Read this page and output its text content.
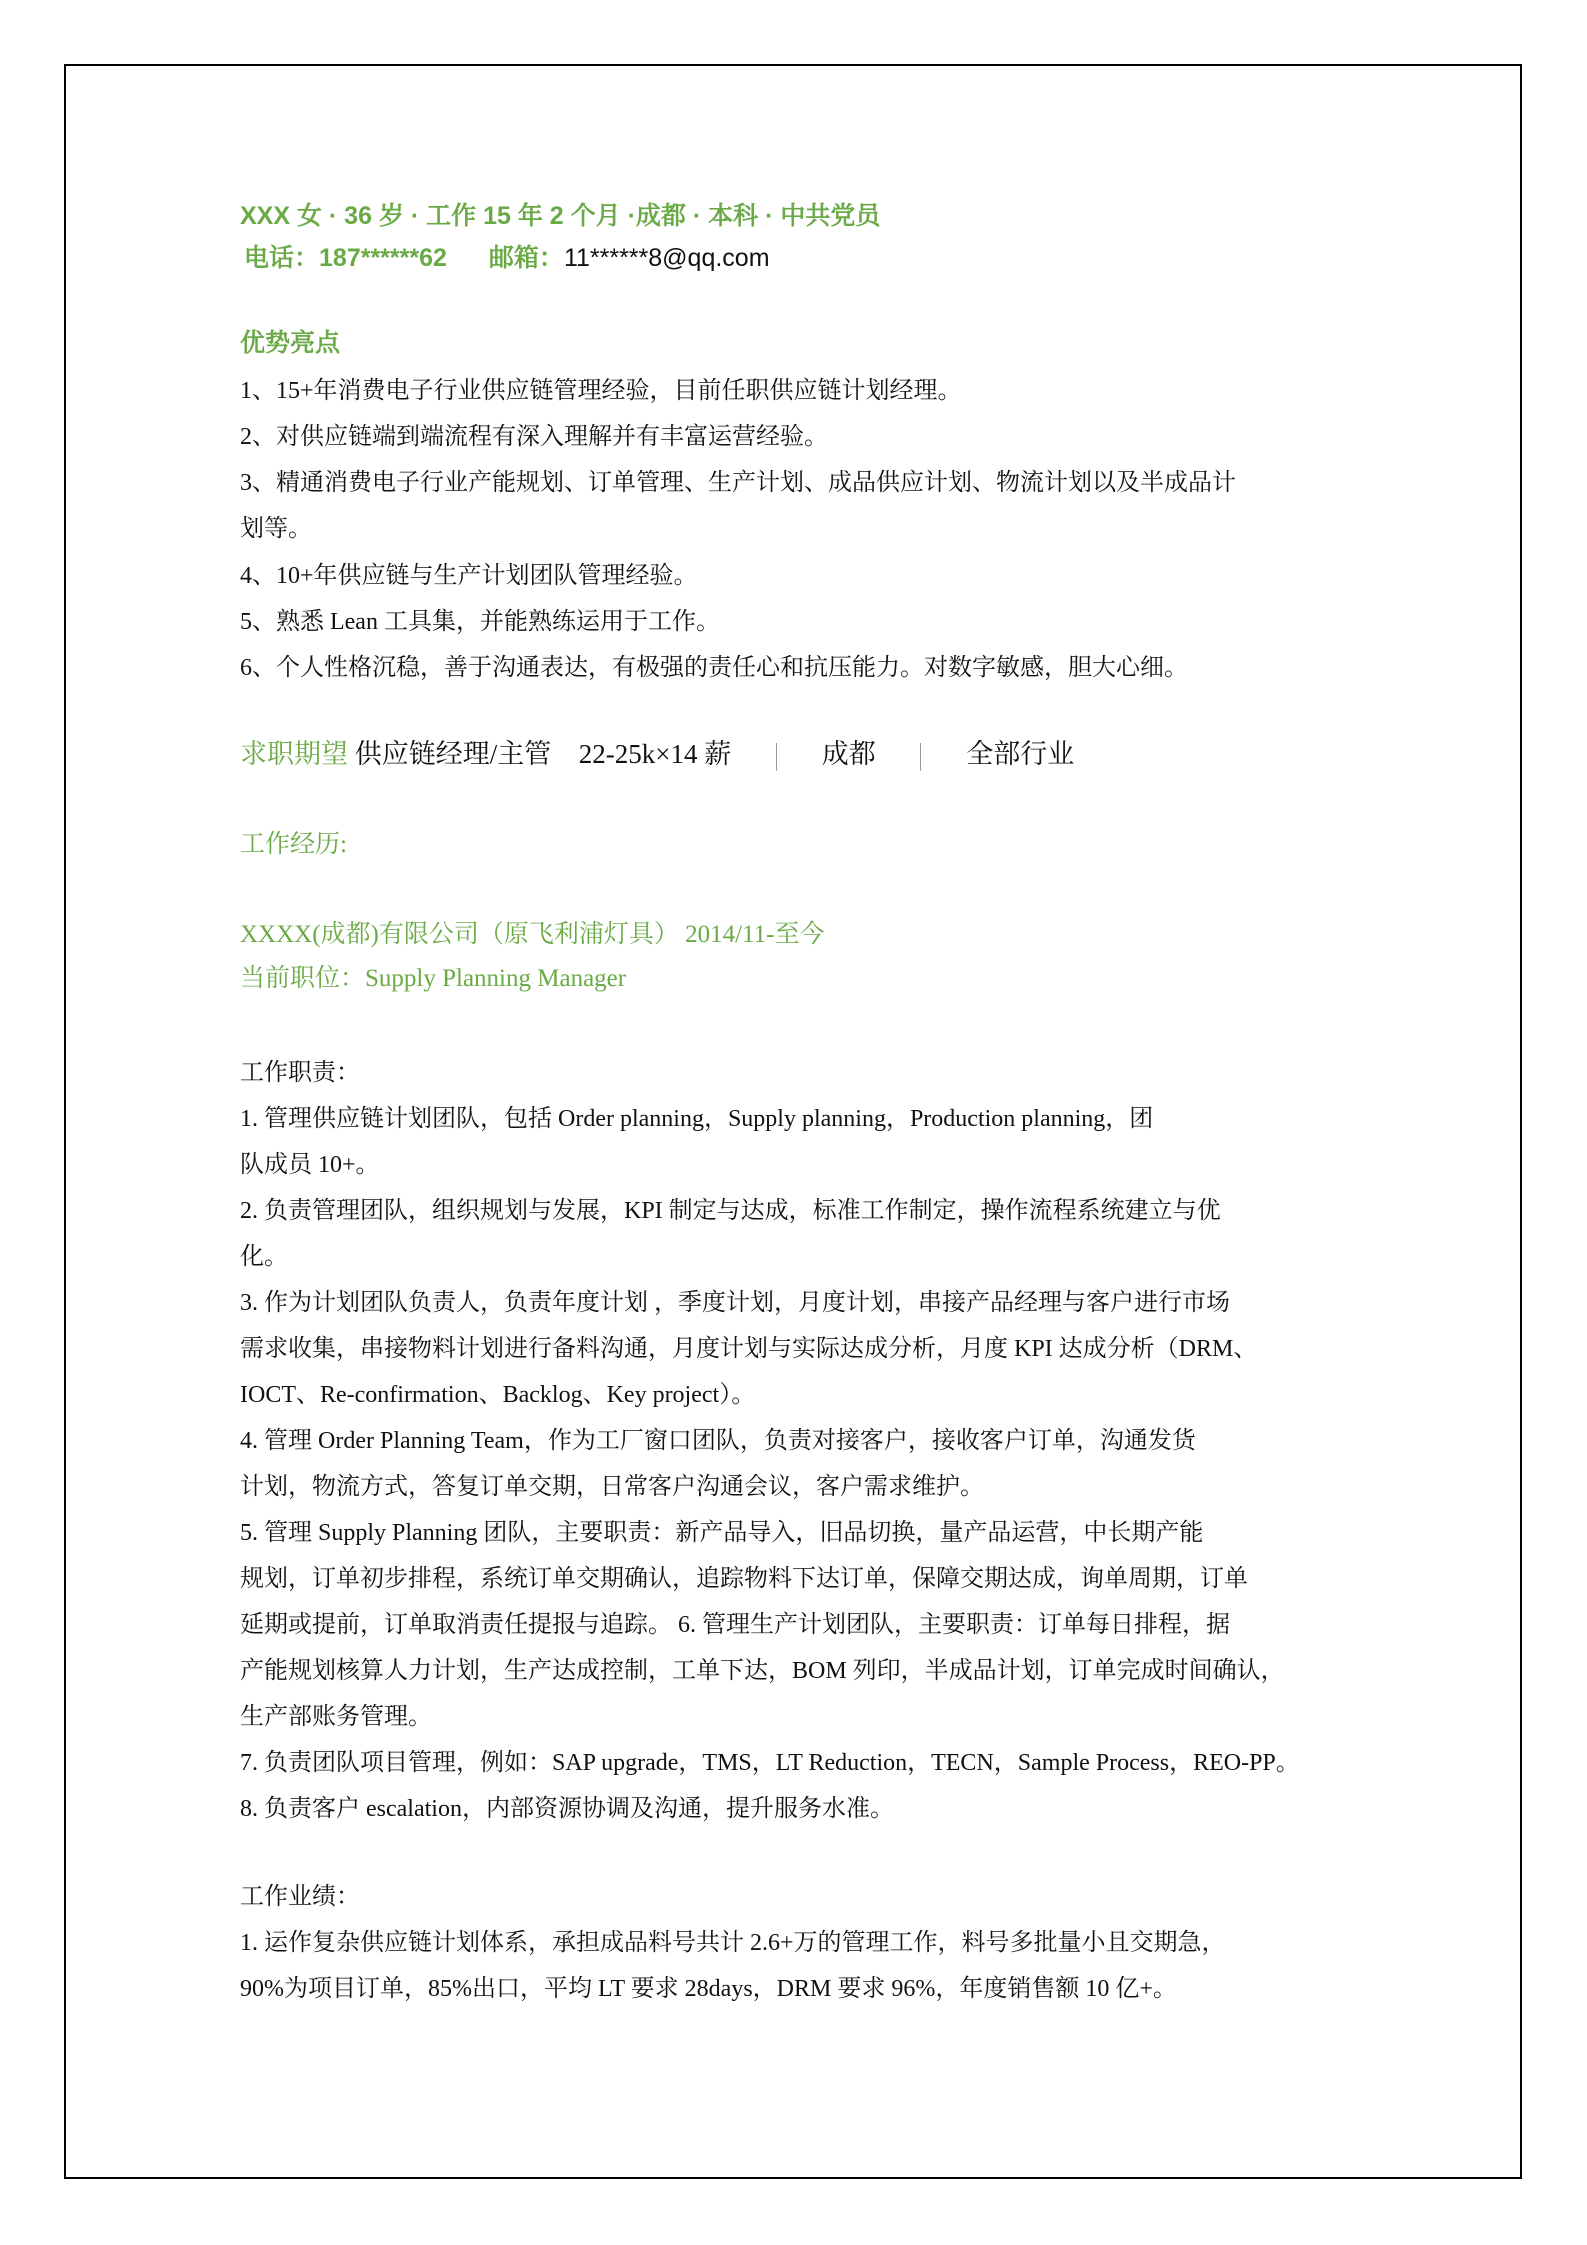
XXX 女 · 36 岁 · 工作 15 年 2 个月 ·成都 · 本科 · 中共党员
电话：187******62 邮箱：11******8@qq.com
优势亮点
1、15+年消费电子行业供应链管理经验，目前任职供应链计划经理。
2、对供应链端到端流程有深入理解并有丰富运营经验。
3、精通消费电子行业产能规划、订单管理、生产计划、成品供应计划、物流计划以及半成品计
划等。
4、10+年供应链与生产计划团队管理经验。
5、熟悉 Lean 工具集，并能熟练运用于工作。
6、个人性格沉稳，善于沟通表达，有极强的责任心和抗压能力。对数字敏感，胆大心细。
求职期望 供应链经理/主管 22-25k×14 薪	成都	全部行业
工作经历:
XXXX(成都)有限公司（原飞利浦灯具） 2014/11-至今
当前职位：Supply Planning Manager
工作职责：
1. 管理供应链计划团队，包括 Order planning，Supply planning，Production planning，团
队成员 10+。
2. 负责管理团队，组织规划与发展，KPI 制定与达成，标准工作制定，操作流程系统建立与优
化。
3. 作为计划团队负责人，负责年度计划 ，季度计划，月度计划，串接产品经理与客户进行市场
需求收集，串接物料计划进行备料沟通，月度计划与实际达成分析，月度 KPI 达成分析（DRM、
IOCT、Re-confirmation、Backlog、Key project）。
4. 管理 Order Planning Team，作为工厂窗口团队，负责对接客户，接收客户订单，沟通发货
计划，物流方式，答复订单交期，日常客户沟通会议，客户需求维护。
5. 管理 Supply Planning 团队，主要职责：新产品导入，旧品切换，量产品运营，中长期产能
规划，订单初步排程，系统订单交期确认，追踪物料下达订单，保障交期达成，询单周期，订单
延期或提前，订单取消责任提报与追踪。 6. 管理生产计划团队，主要职责：订单每日排程，据
产能规划核算人力计划，生产达成控制，工单下达，BOM 列印，半成品计划，订单完成时间确认，
生产部账务管理。
7. 负责团队项目管理，例如：SAP upgrade，TMS，LT Reduction，TECN，Sample Process，REO-PP。
8. 负责客户 escalation，内部资源协调及沟通，提升服务水准。
工作业绩：
1. 运作复杂供应链计划体系，承担成品料号共计 2.6+万的管理工作，料号多批量小且交期急，
90%为项目订单，85%出口，平均 LT 要求 28days，DRM 要求 96%，年度销售额 10 亿+。
